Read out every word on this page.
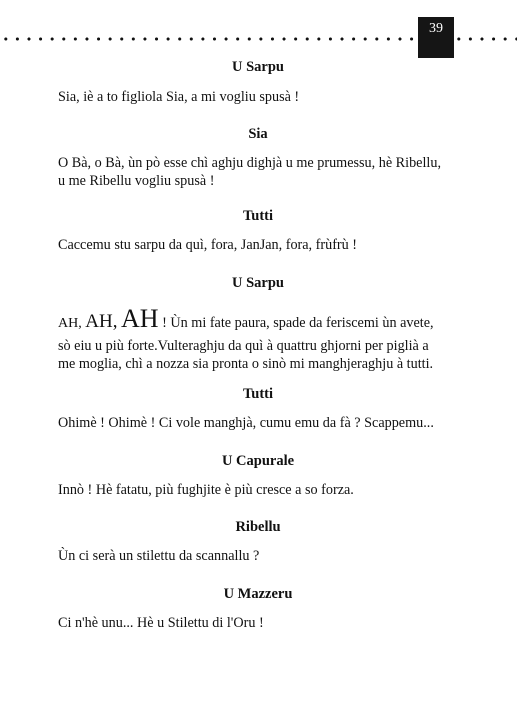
39
U Sarpu
Sia, iè a to figliola Sia, a mi vogliu spusà !
Sia
O Bà, o Bà, ùn pò esse chì aghju dighjà u me prumessu, hè Ribellu,
u me Ribellu vogliu spusà !
Tutti
Caccemu stu sarpu da quì, fora, JanJan, fora, frùfrù !
U Sarpu
AH, AH, AH ! Ùn mi fate paura, spade da feriscemi ùn avete,
sò eiu u più forte.Vulteraghju da quì à quattru ghjorni per piglià a
me moglia, chì a nozza sia pronta o sinò mi manghjeraghju à tutti.
Tutti
Ohimè ! Ohimè ! Ci vole manghjà, cumu emu da fà ? Scappemu...
U Capurale
Innò ! Hè fatatu, più fughjite è più cresce a so forza.
Ribellu
Ùn ci serà un stilettu da scannallu ?
U Mazzeru
Ci n'hè unu... Hè u Stilettu di l'Oru !
